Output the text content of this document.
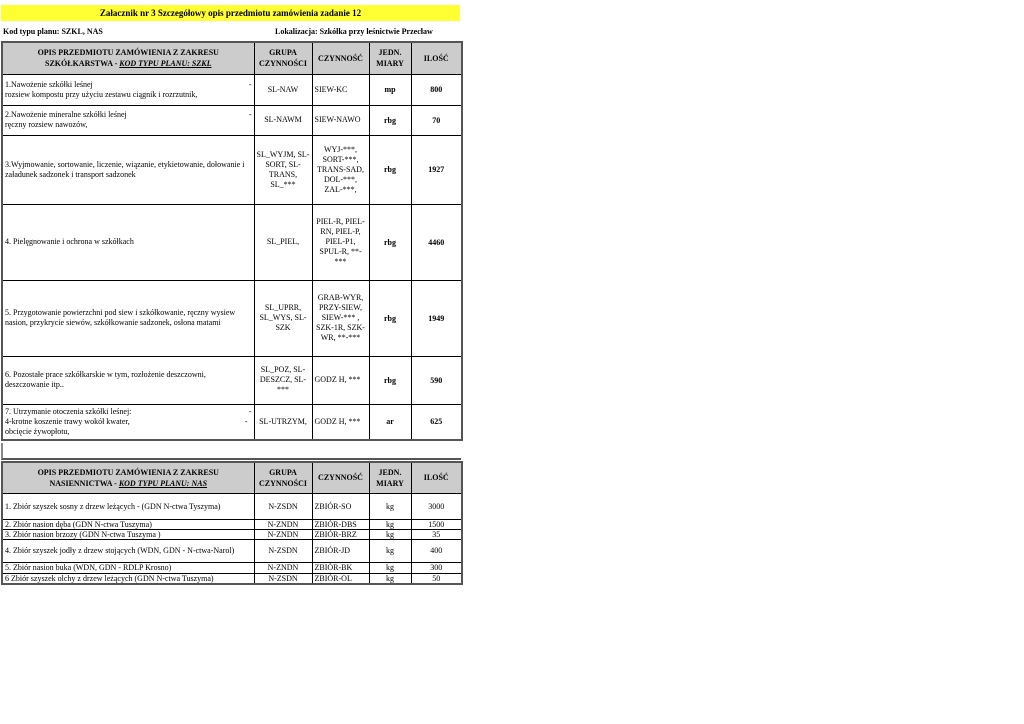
Załacznik nr 3 Szczegółowy opis przedmiotu zamówienia zadanie 12
Kod typu planu: SZKL, NAS	Lokalizacja: Szkółka przy leśnictwie Przecław
OPIS PRZEDMIOTU ZAMÓWIENIA Z ZAKRESU
SZKÓŁKARSTWA - KOD TYPU PLANU: SZKL	GRUPA CZYNNOŚCI	CZYNNOŚĆ	JEDN. MIARY	ILOŚĆ

1.Nawożenie szkółki leśnej -
rozsiew kompostu przy użyciu zestawu ciągnik i rozrzutnik,	SL-NAW	SIEW-KC	mp	800

2.Nawożenie mineralne szkółki leśnej -
ręczny rozsiew nawozów,	SL-NAWM	SIEW-NAWO	rbg	70
3.Wyjmowanie, sortowanie, liczenie, wiązanie, etykietowanie, dołowanie i załadunek sadzonek i transport sadzonek	SL_WYJM, SL-SORT, SL-TRANS, SL_***	WYJ-***, SORT-***, TRANS-SAD, DOL-***, ZAL-***,	rbg	1927
4. Pielęgnowanie i ochrona w szkółkach	SL_PIEL,	PIEL-R, PIEL-RN, PIEL-P, PIEL-P1, SPUL-R, **-***	rbg	4460
5. Przygotowanie powierzchni pod siew i szkółkowanie, ręczny wysiew nasion, przykrycie siewów, szkółkowanie sadzonek, osłona matami	SL_UPRR, SL_WYS, SL-SZK	GRAB-WYR, PRZY-SIEW, SIEW-*** , SZK-1R, SZK-WR, **-***	rbg	1949
6. Pozostałe prace szkółkarskie w tym, rozłożenie deszczowni, deszczowanie itp..	SL_POZ, SL-DESZCZ, SL-***	GODZ H, ***	rbg	590

7. Utrzymanie otoczenia szkółki leśnej: -
4-krotne koszenie trawy wokół kwater, -
obcięcie żywopłotu,	SL-UTRZYM,	GODZ H, ***	ar	625
OPIS PRZEDMIOTU ZAMÓWIENIA Z ZAKRESU
NASIENNICTWA - KOD TYPU PLANU: NAS	GRUPA CZYNNOŚCI	CZYNNOŚĆ	JEDN. MIARY	ILOŚĆ
1. Zbiór szyszek sosny z drzew leżących - (GDN N-ctwa Tyszyma)	N-ZSDN	ZBIÓR-SO	kg	3000
2. Zbiór nasion dęba (GDN N-ctwa Tuszyma)	N-ZNDN	ZBIÓR-DBS	kg	1500
3. Zbiór nasion brzozy (GDN N-ctwa Tuszyma )	N-ZNDN	ZBIÓR-BRZ	kg	35
4. Zbiór szyszek jodły z drzew stojących (WDN, GDN - N-ctwa-Narol)	N-ZSDN	ZBIÓR-JD	kg	400
5. Zbiór nasion buka (WDN, GDN - RDLP Krosno)	N-ZNDN	ZBIÓR-BK	kg	300
6 Zbiór szyszek olchy z drzew leżących (GDN N-ctwa Tuszyma)	N-ZSDN	ZBIÓR-OL	kg	50
